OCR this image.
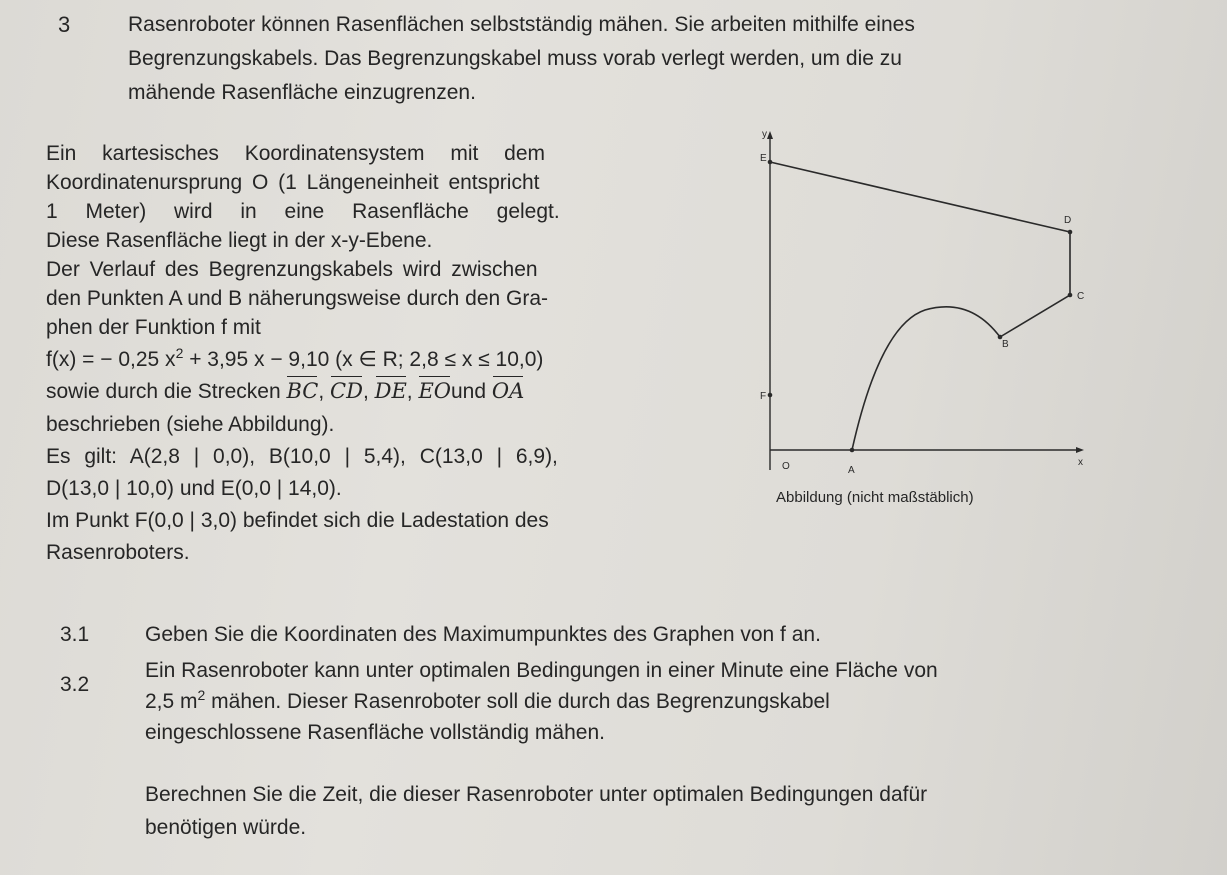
3	Rasenroboter können Rasenflächen selbstständig mähen. Sie arbeiten mithilfe eines
Begrenzungskabels. Das Begrenzungskabel muss vorab verlegt werden, um die zu
mähende Rasenfläche einzugrenzen.
Ein kartesisches Koordinatensystem mit dem
Koordinatenursprung O (1 Längeneinheit entspricht
1 Meter) wird in eine Rasenfläche gelegt.
Diese Rasenfläche liegt in der x-y-Ebene.
Der Verlauf des Begrenzungskabels wird zwischen
den Punkten A und B näherungsweise durch den Gra-
phen der Funktion f mit
f(x) = − 0,25 $x^2 + 3,95$ x − 9,10 (x ∈ R; 2,8 ≤ x ≤ 10,0)
sowie durch die Strecken BC, CD, DE, EOund OA
beschrieben (siehe Abbildung).
Es gilt: A(2,8 | 0,0), B(10,0 | 5,4), C(13,0 | 6,9),
D(13,0 | 10,0) und E(0,0 | 14,0).
Im Punkt F(0,0 | 3,0) befindet sich die Ladestation des
Rasenroboters.
y
E
D
C
B
F
O	A
x
Abbildung (nicht maßstäblich)
3.1	Geben Sie die Koordinaten des Maximumpunktes des Graphen von f an.
3.2
Ein Rasenroboter kann unter optimalen Bedingungen in einer Minute eine Fläche von
2,5 $m^2$ mähen. Dieser Rasenroboter soll die durch das Begrenzungskabel
eingeschlossene Rasenfläche vollständig mähen.
Berechnen Sie die Zeit, die dieser Rasenroboter unter optimalen Bedingungen dafür
benötigen würde.
